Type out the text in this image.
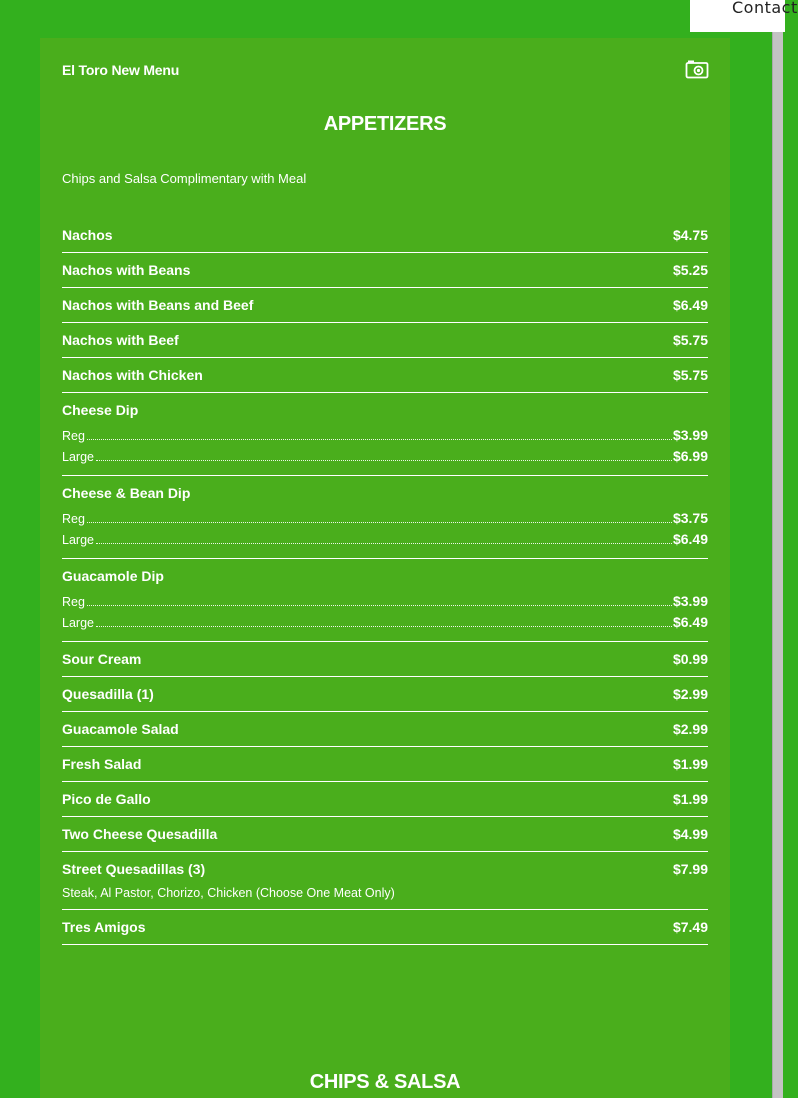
Contact
El Toro New Menu
APPETIZERS
Chips and Salsa Complimentary with Meal
Nachos	$4.75
Nachos with Beans	$5.25
Nachos with Beans and Beef	$6.49
Nachos with Beef	$5.75
Nachos with Chicken	$5.75
Cheese Dip
Reg	$3.99
Large	$6.99
Cheese & Bean Dip
Reg	$3.75
Large	$6.49
Guacamole Dip
Reg	$3.99
Large	$6.49
Sour Cream	$0.99
Quesadilla (1)	$2.99
Guacamole Salad	$2.99
Fresh Salad	$1.99
Pico de Gallo	$1.99
Two Cheese Quesadilla	$4.99
Street Quesadillas (3)	$7.99
Steak, Al Pastor, Chorizo, Chicken (Choose One Meat Only)
Tres Amigos	$7.49
CHIPS & SALSA
